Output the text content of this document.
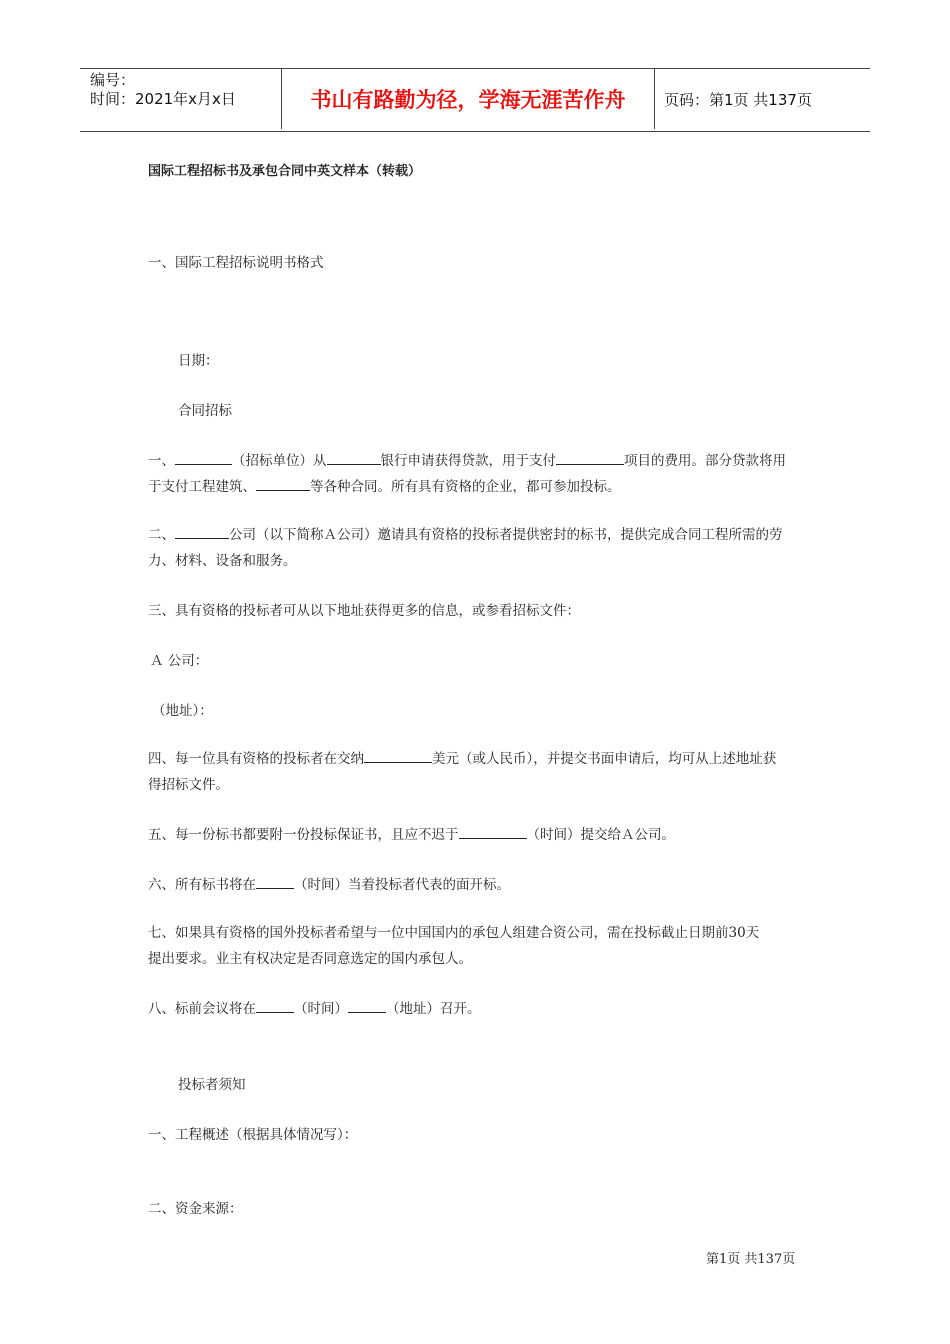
编号：
时间：2021年x月x日	书山有路勤为径，学海无涯苦作舟	页码：第1页 共137页
国际工程招标书及承包合同中英文样本（转载）
一、国际工程招标说明书格式
日期：
合同招标
一、	（招标单位）从	银行申请获得贷款，用于支付	项目的费用。部分贷款将用
于支付工程建筑、	等各种合同。所有具有资格的企业，都可参加投标。
二、	公司（以下简称Ａ公司）邀请具有资格的投标者提供密封的标书，提供完成合同工程所需的劳
力、材料、设备和服务。
三、具有资格的投标者可从以下地址获得更多的信息，或参看招标文件：
Ａ 公司：
（地址）：
四、每一位具有资格的投标者在交纳	美元（或人民币），并提交书面申请后，均可从上述地址获
得招标文件。
五、每一份标书都要附一份投标保证书，且应不迟于	（时间）提交给Ａ公司。
六、所有标书将在	（时间）当着投标者代表的面开标。
七、如果具有资格的国外投标者希望与一位中国国内的承包人组建合资公司，需在投标截止日期前30天
提出要求。业主有权决定是否同意选定的国内承包人。
八、标前会议将在	（时间）	（地址）召开。
投标者须知
一、工程概述（根据具体情况写）：
二、资金来源：
第1页 共137页
